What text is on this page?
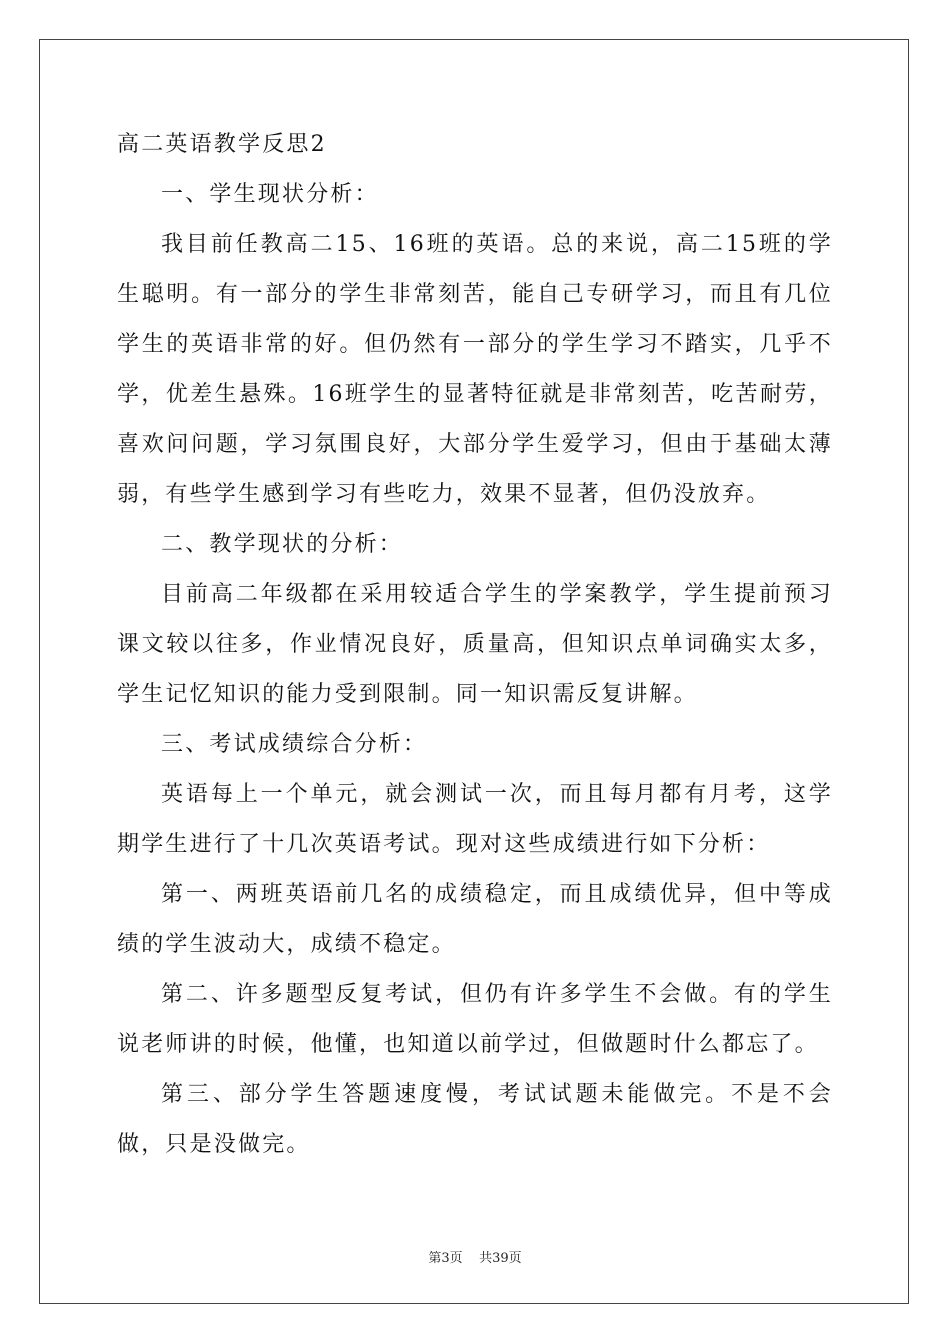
高二英语教学反思2

一、学生现状分析：

我目前任教高二15、16班的英语。总的来说，高二15班的学生聪明。有一部分的学生非常刻苦，能自己专研学习，而且有几位学生的英语非常的好。但仍然有一部分的学生学习不踏实，几乎不学，优差生悬殊。16班学生的显著特征就是非常刻苦，吃苦耐劳，喜欢问问题，学习氛围良好，大部分学生爱学习，但由于基础太薄弱，有些学生感到学习有些吃力，效果不显著，但仍没放弃。

二、教学现状的分析：

目前高二年级都在采用较适合学生的学案教学，学生提前预习课文较以往多，作业情况良好，质量高，但知识点单词确实太多，学生记忆知识的能力受到限制。同一知识需反复讲解。

三、考试成绩综合分析：

英语每上一个单元，就会测试一次，而且每月都有月考，这学期学生进行了十几次英语考试。现对这些成绩进行如下分析：

第一、两班英语前几名的成绩稳定，而且成绩优异，但中等成绩的学生波动大，成绩不稳定。

第二、许多题型反复考试，但仍有许多学生不会做。有的学生说老师讲的时候，他懂，也知道以前学过，但做题时什么都忘了。

第三、部分学生答题速度慢，考试试题未能做完。不是不会做，只是没做完。

第3页 共39页
